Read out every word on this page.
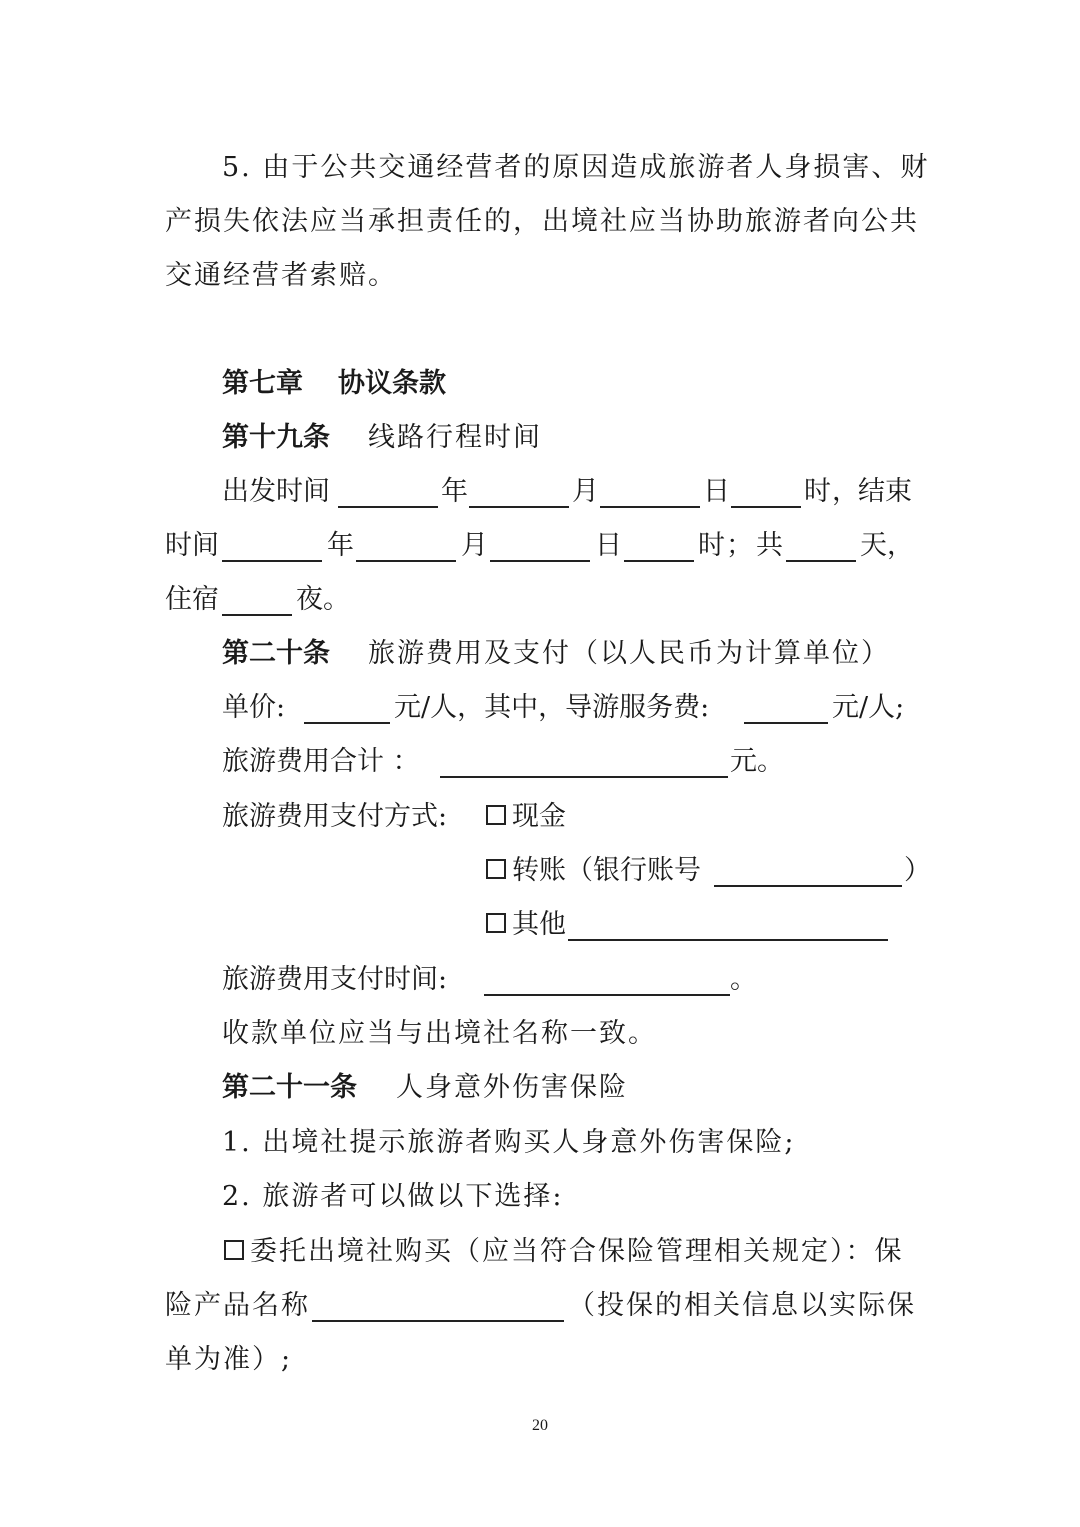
5. 由于公共交通经营者的原因造成旅游者人身损害、财
产损失依法应当承担责任的，出境社应当协助旅游者向公共
交通经营者索赔。
第七章 协议条款
第十九条 线路行程时间
出发时间	年	月	日	时 ， 结束
时间	年	月	日	时 ； 共	天，
住宿	夜。
第二十条 旅游费用及支付（以人民币为计算单位）
单价:	元/人，其中，导游服务费:	元/人;
旅游费用合计 ：	元。
旅游费用支付方式: 现金
转账（银行账号	）
其他
旅游费用支付时间:	。
收款单位应当与出境社名称一致。
第二十一条 人身意外伤害保险
1. 出境社提示旅游者购买人身意外伤害保险;
2. 旅游者可以做以下选择:
委托出境社购买（应当符合保险管理相关规定）：保
险产品名称	（投保的相关信息以实际保
单为准）;
20
